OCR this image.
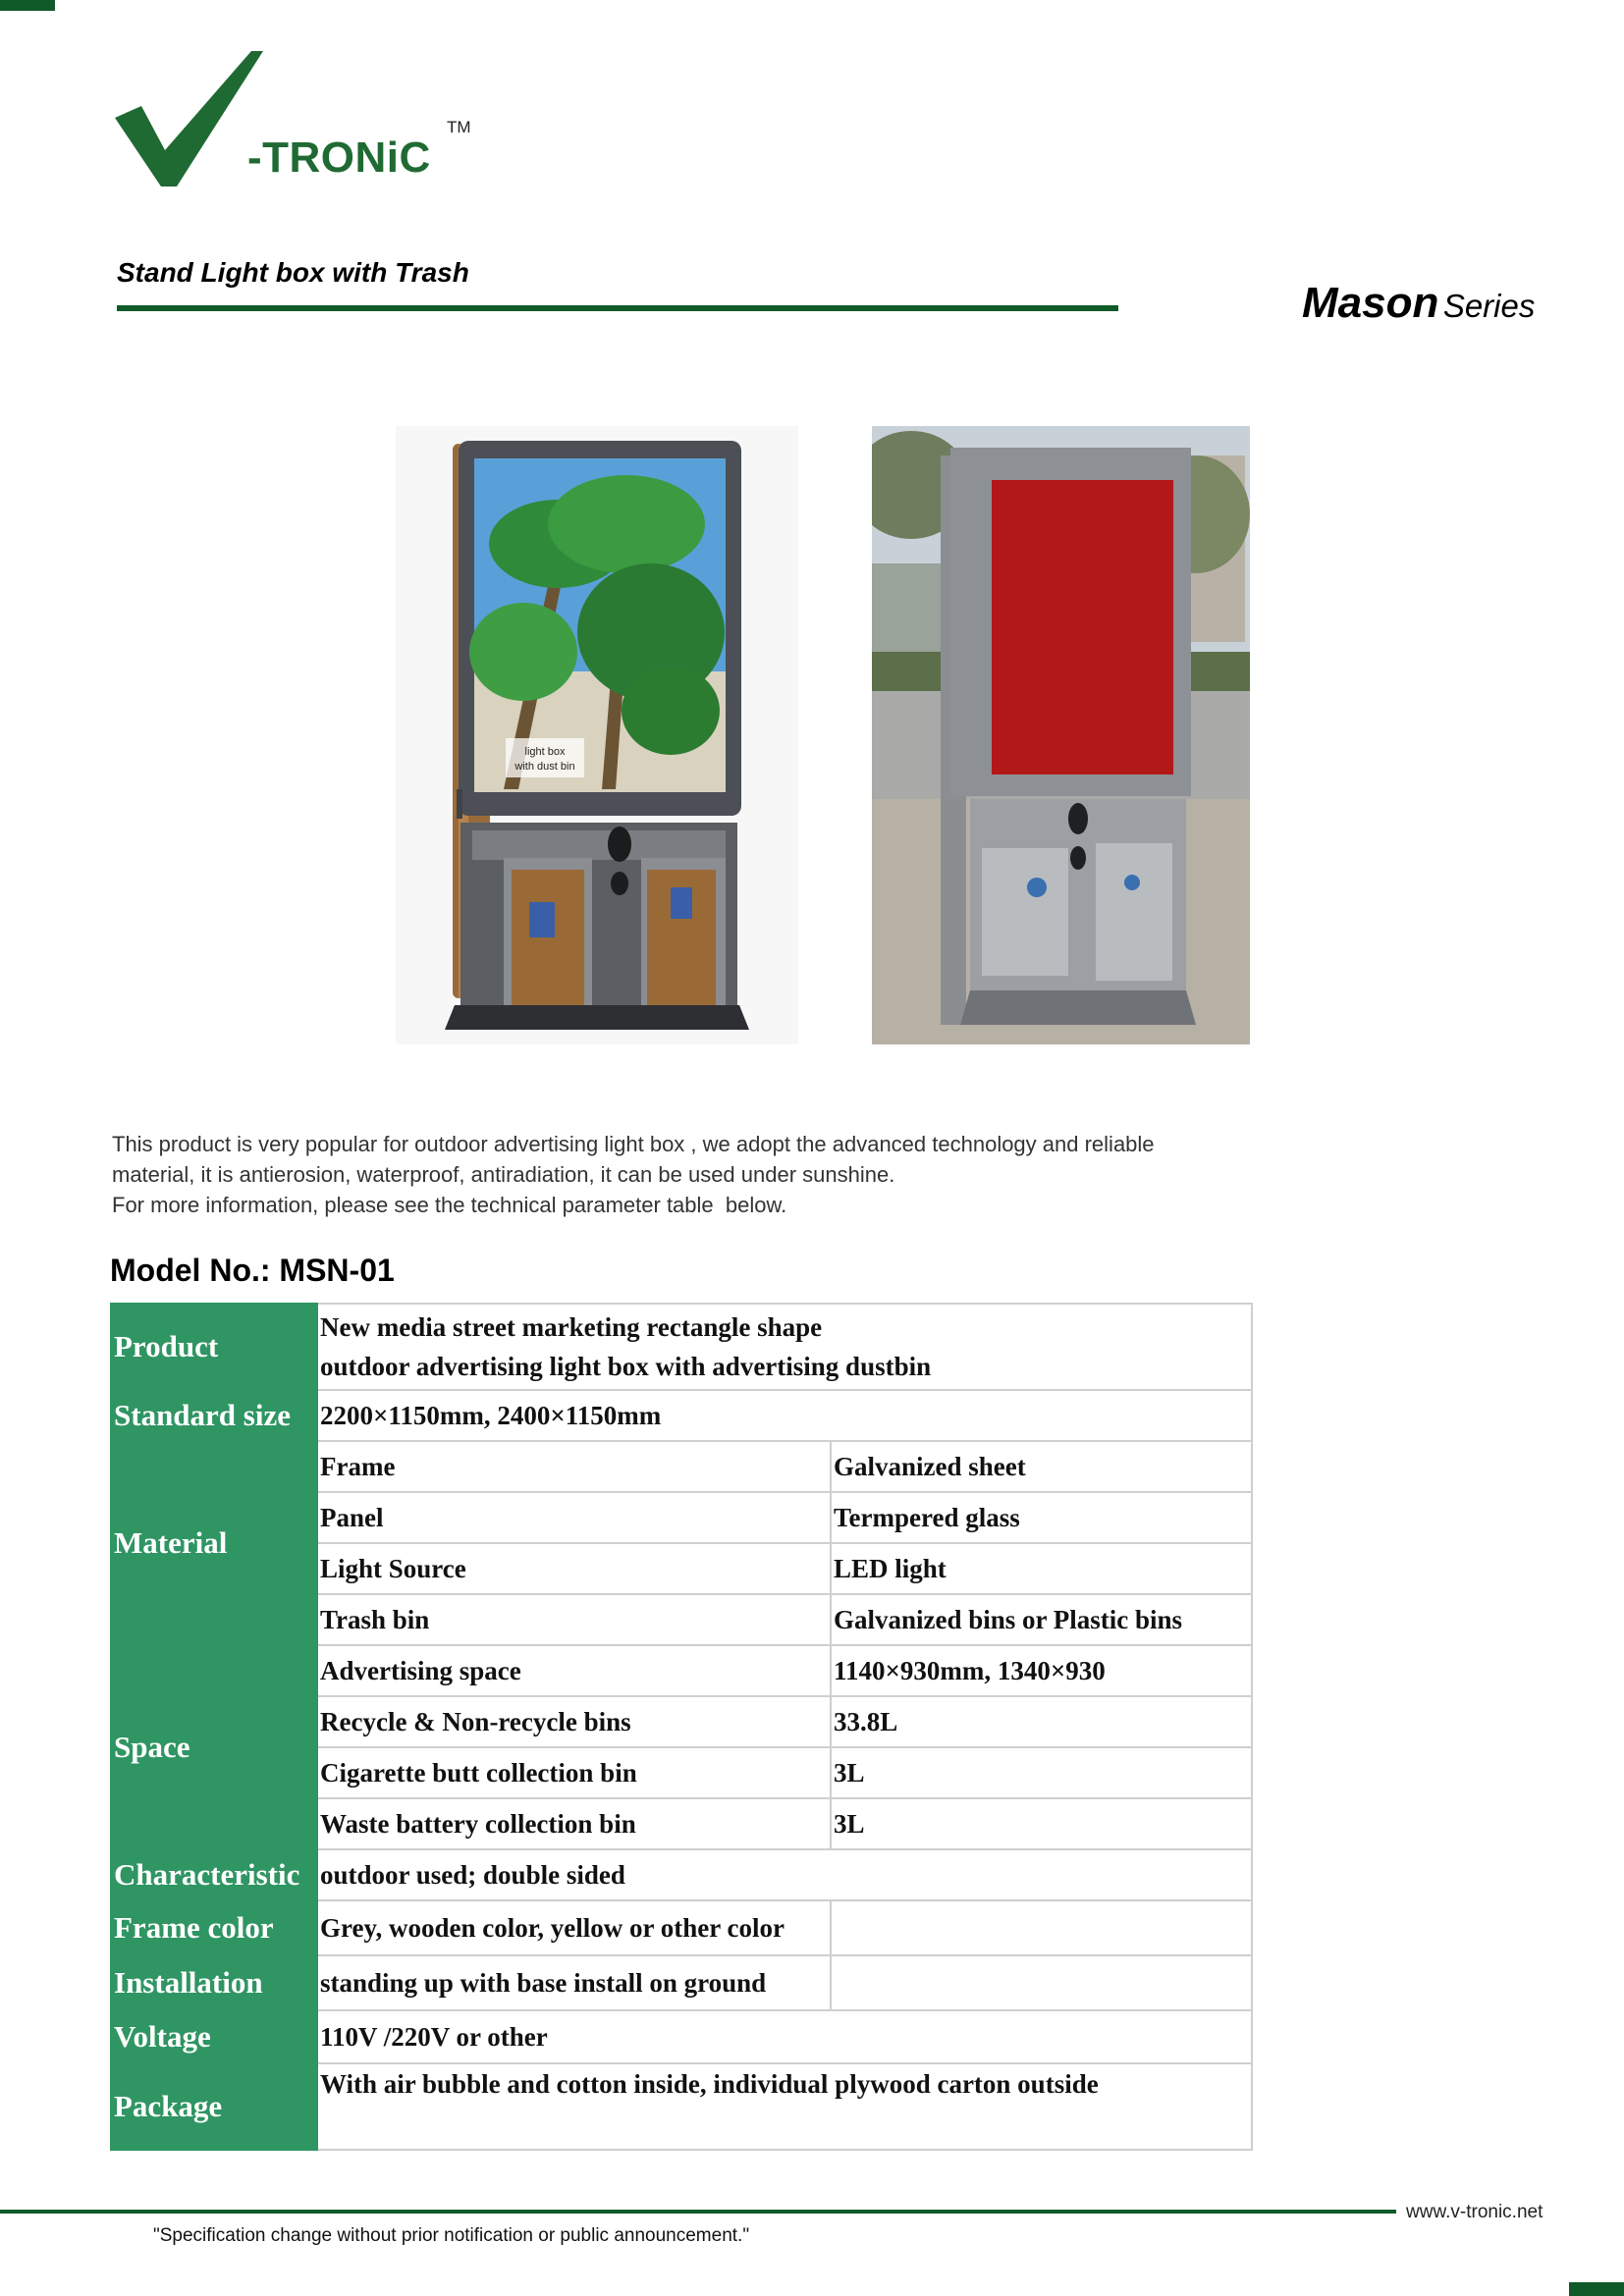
-TRONiC
TM
Stand Light box with Trash
Mason Series
light box
with dust bin

This product is very popular for outdoor advertising light box , we adopt the advanced technology and reliable

material, it is antierosion, waterproof, antiradiation, it can be used under sunshine.

For more information, please see the technical parameter table  below.

Model No.: MSN-01
Product	New media street marketing rectangle shape
outdoor advertising light box with advertising dustbin	

Standard size	2200×1150mm, 2400×1150mm	
Material	Frame	Galvanized sheet
	Panel	Termpered glass
	Light Source	LED light
	Trash bin	Galvanized bins or Plastic bins
Space	Advertising space	1140×930mm, 1340×930
	Recycle & Non-recycle bins	33.8L
	Cigarette butt collection bin	3L
	Waste battery collection bin	3L
Characteristic	outdoor used; double sided	
Frame color	Grey, wooden color, yellow or other color	
Installation	standing up with base install on ground	
Voltage	110V /220V or other	
Package	With air bubble and cotton inside, individual plywood carton outside	
www.v-tronic.net
"Specification change without prior notification or public announcement."
